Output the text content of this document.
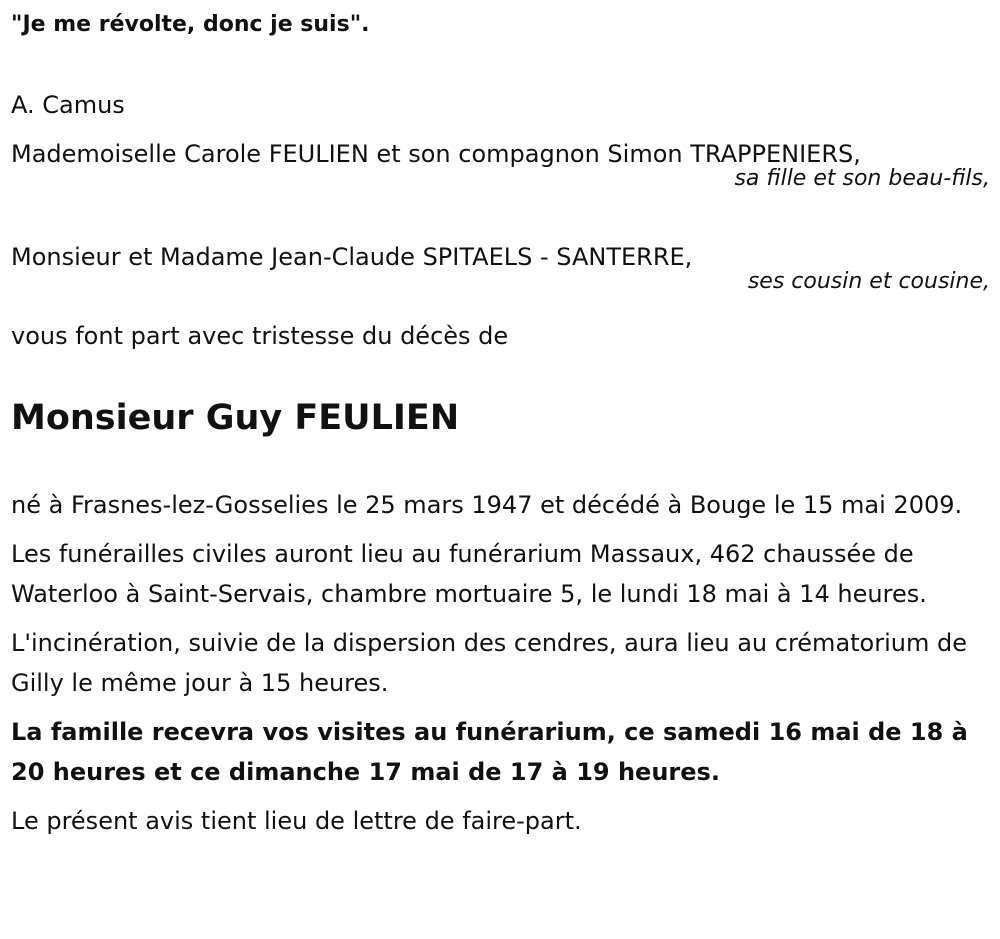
"Je me révolte, donc je suis".
A. Camus
Mademoiselle Carole FEULIEN et son compagnon Simon TRAPPENIERS,
sa fille et son beau-fils,
Monsieur et Madame Jean-Claude SPITAELS - SANTERRE,
ses cousin et cousine,
vous font part avec tristesse du décès de
Monsieur Guy FEULIEN

né à Frasnes-lez-Gosselies le 25 mars 1947 et décédé à Bouge le 15 mai 2009.

Les funérailles civiles auront lieu au funérarium Massaux, 462 chaussée de Waterloo à Saint-Servais, chambre mortuaire 5, le lundi 18 mai à 14 heures.

L'incinération, suivie de la dispersion des cendres, aura lieu au crématorium de Gilly le même jour à 15 heures.

La famille recevra vos visites au funérarium, ce samedi 16 mai de 18 à 20 heures et ce dimanche 17 mai de 17 à 19 heures.

Le présent avis tient lieu de lettre de faire-part.
